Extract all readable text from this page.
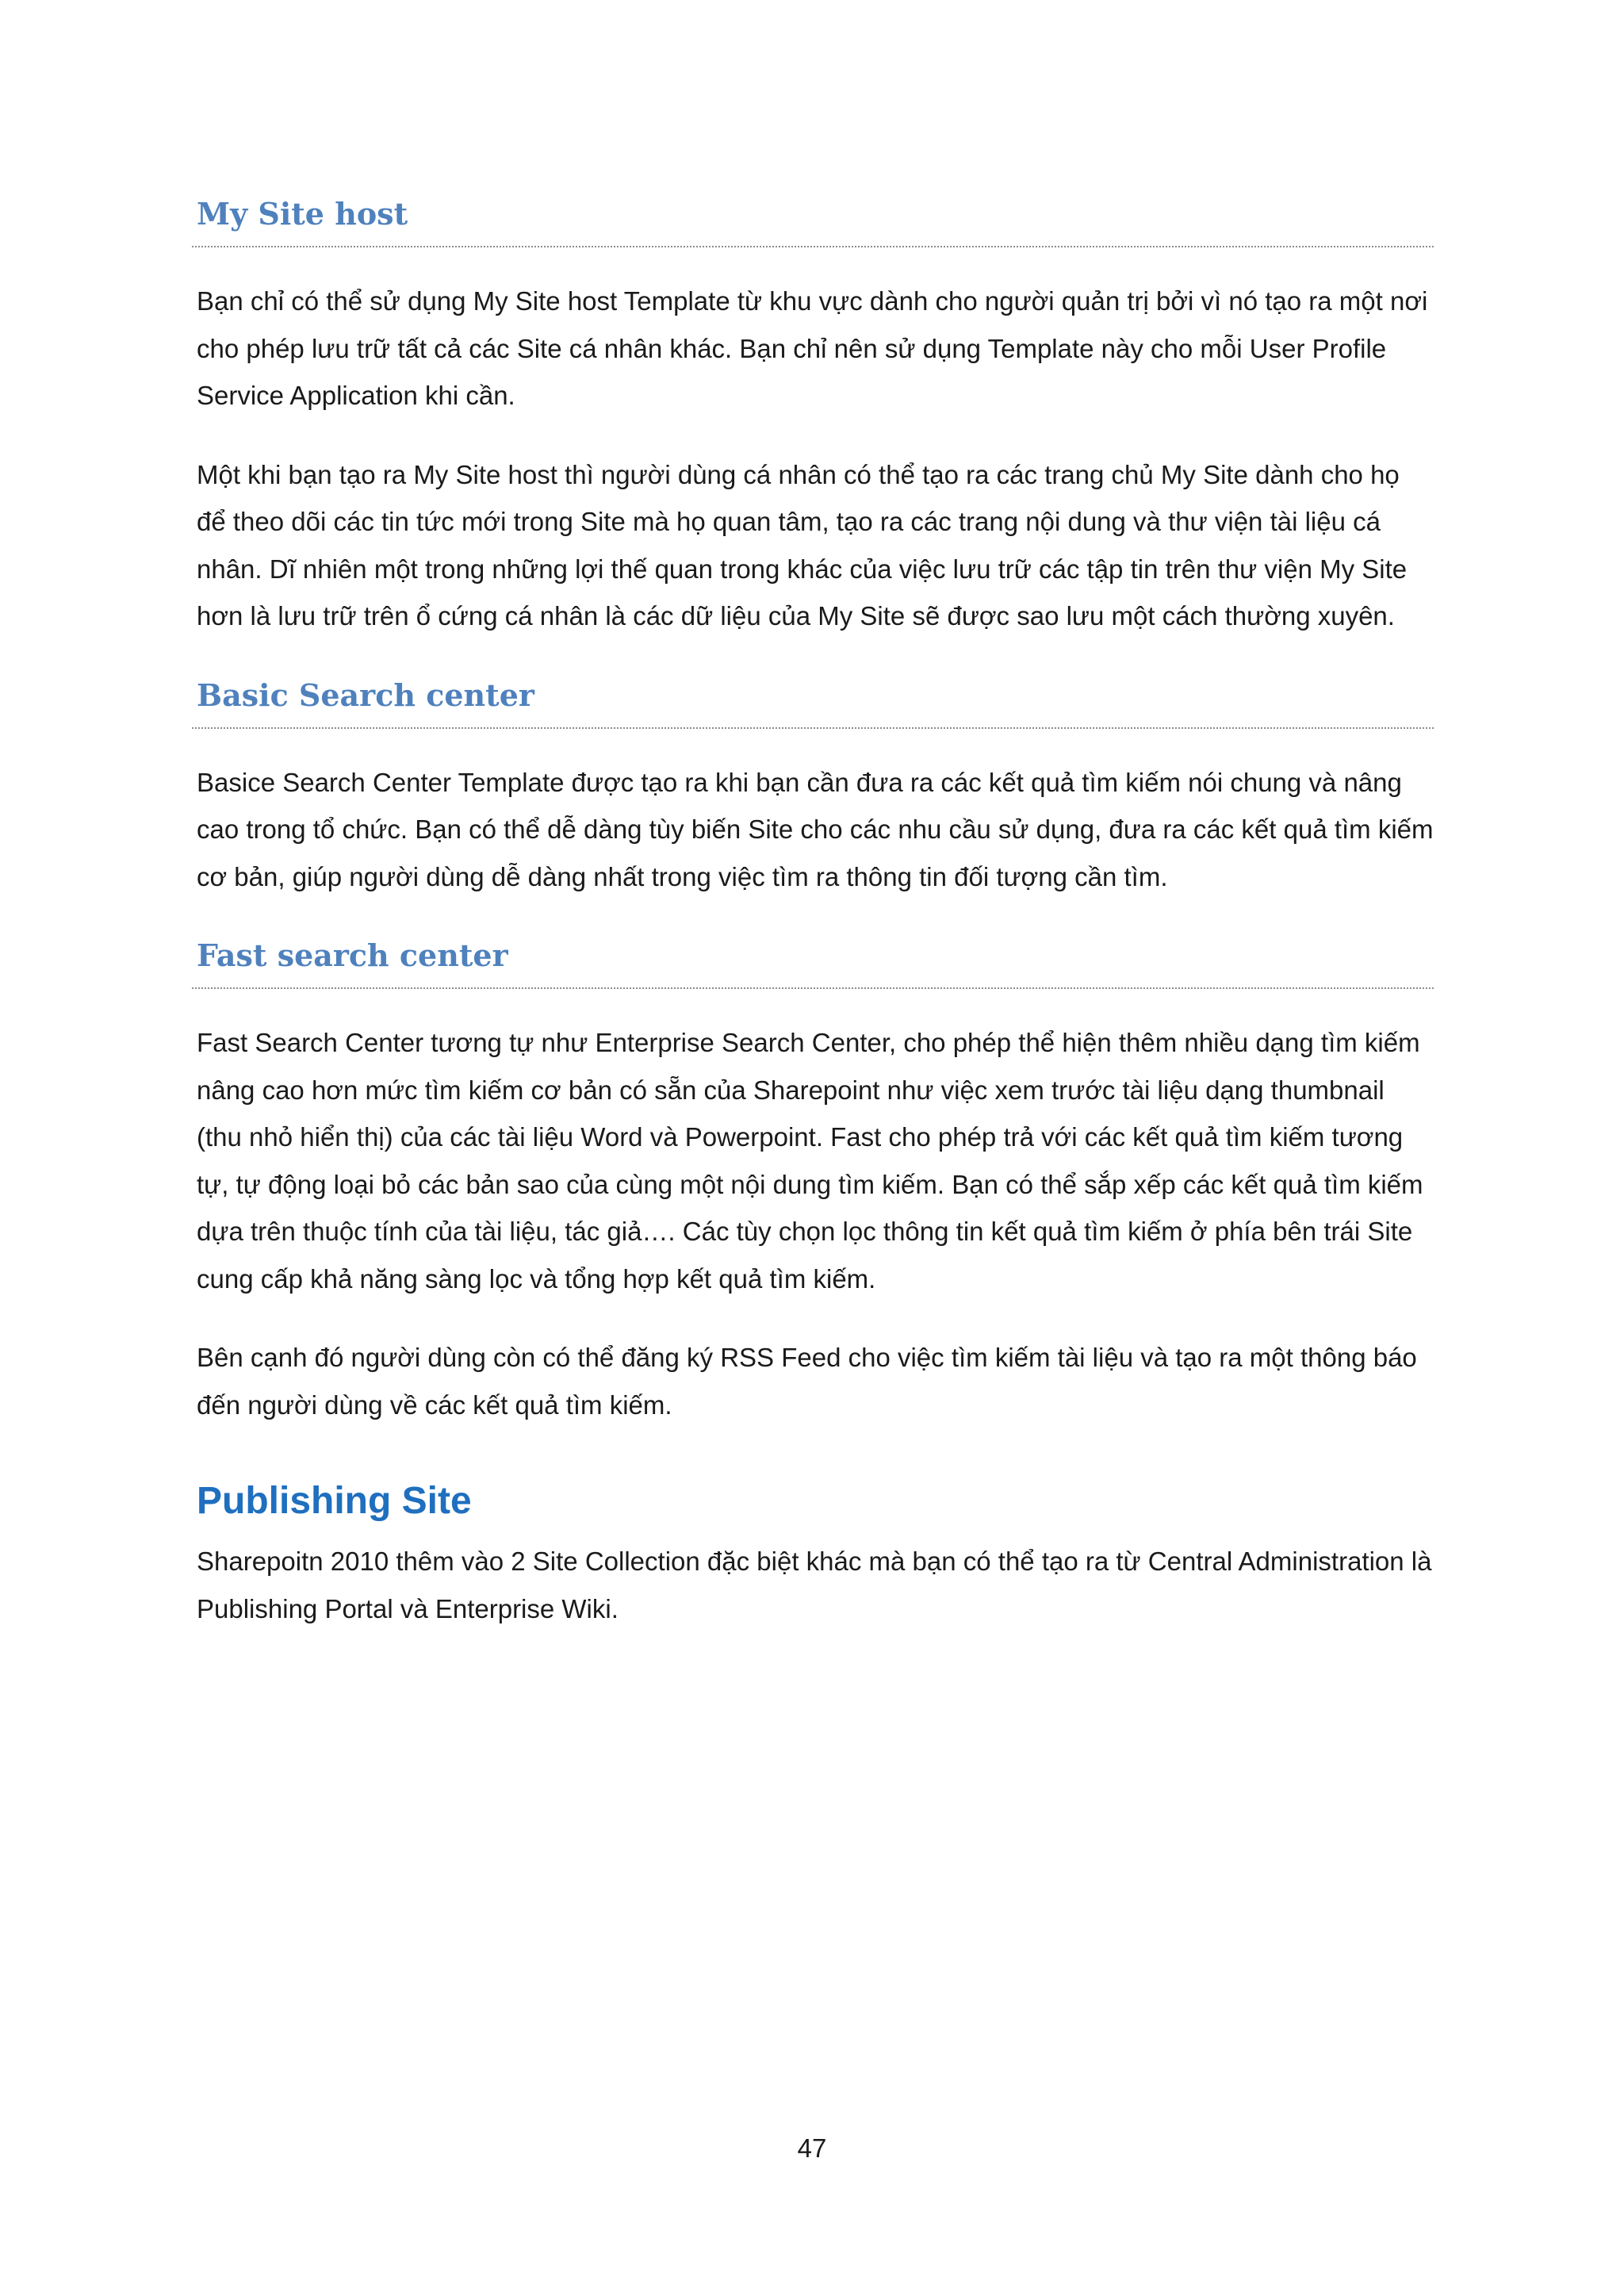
My Site host

Bạn chỉ có thể sử dụng My Site host Template từ khu vực dành cho người quản trị bởi vì nó tạo ra một nơi cho phép lưu trữ tất cả các Site cá nhân khác. Bạn chỉ nên sử dụng Template này cho mỗi User Profile Service Application khi cần.

Một khi bạn tạo ra My Site host thì người dùng cá nhân có thể tạo ra các trang chủ My Site dành cho họ để theo dõi các tin tức mới trong Site mà họ quan tâm, tạo ra các trang nội dung và thư viện tài liệu cá nhân. Dĩ nhiên một trong những lợi thế quan trong khác của việc lưu trữ các tập tin trên thư viện My Site hơn là lưu trữ trên ổ cứng cá nhân là các dữ liệu của My Site sẽ được sao lưu một cách thường xuyên.

Basic Search center

Basice Search Center Template được tạo ra khi bạn cần đưa ra các kết quả tìm kiếm nói chung và nâng cao trong tổ chức. Bạn có thể dễ dàng tùy biến Site cho các nhu cầu sử dụng, đưa ra các kết quả tìm kiếm cơ bản, giúp người dùng dễ dàng nhất trong việc tìm ra thông tin đối tượng cần tìm.

Fast search center

Fast Search Center tương tự như Enterprise Search Center, cho phép thể hiện thêm nhiều dạng tìm kiếm nâng cao hơn mức tìm kiếm cơ bản có sẵn của Sharepoint như việc xem trước tài liệu dạng thumbnail (thu nhỏ hiển thị) của các tài liệu Word và Powerpoint. Fast cho phép trả với các kết quả tìm kiếm tương tự, tự động loại bỏ các bản sao của cùng một nội dung tìm kiếm. Bạn có thể sắp xếp các kết quả tìm kiếm dựa trên thuộc tính của tài liệu, tác giả…. Các tùy chọn lọc thông tin kết quả tìm kiếm ở phía bên trái Site cung cấp khả năng sàng lọc và tổng hợp kết quả tìm kiếm.

Bên cạnh đó người dùng còn có thể đăng ký RSS Feed cho việc tìm kiếm tài liệu và tạo ra một thông báo đến người dùng về các kết quả tìm kiếm.

Publishing Site

Sharepoitn 2010 thêm vào 2 Site Collection đặc biệt khác mà bạn có thể tạo ra từ Central Administration là Publishing Portal và Enterprise Wiki.

47
